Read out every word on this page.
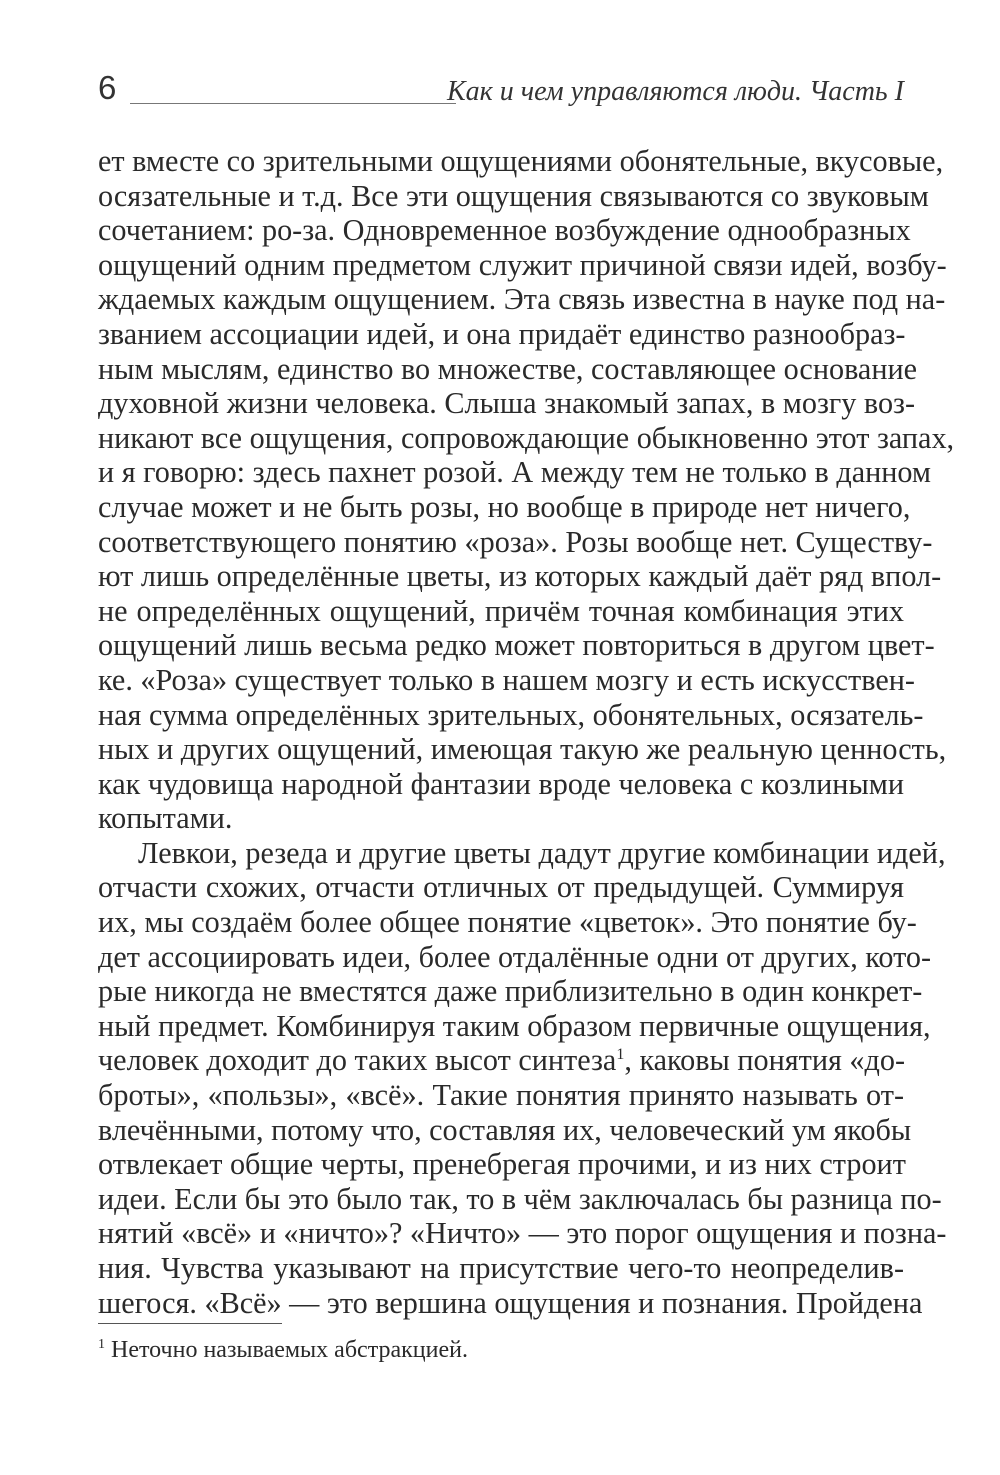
6	Как и чем управляются люди. Часть I
ет вместе со зрительными ощущениями обонятельные, вкусовые,
осязательные и т.д. Все эти ощущения связываются со звуковым
сочетанием: ро-за. Одновременное возбуждение однообразных
ощущений одним предметом служит причиной связи идей, возбу-
ждаемых каждым ощущением. Эта связь известна в науке под на-
званием ассоциации идей, и она придаёт единство разнообраз-
ным мыслям, единство во множестве, составляющее основание
духовной жизни человека. Слыша знакомый запах, в мозгу воз-
никают все ощущения, сопровождающие обыкновенно этот запах,
и я говорю: здесь пахнет розой. А между тем не только в данном
случае может и не быть розы, но вообще в природе нет ничего,
соответствующего понятию «роза». Розы вообще нет. Существу-
ют лишь определённые цветы, из которых каждый даёт ряд впол-
не определённых ощущений, причём точная комбинация этих
ощущений лишь весьма редко может повториться в другом цвет-
ке. «Роза» существует только в нашем мозгу и есть искусствен-
ная сумма определённых зрительных, обонятельных, осязатель-
ных и других ощущений, имеющая такую же реальную ценность,
как чудовища народной фантазии вроде человека с козлиными
копытами.
Левкои, резеда и другие цветы дадут другие комбинации идей,
отчасти схожих, отчасти отличных от предыдущей. Суммируя
их, мы создаём более общее понятие «цветок». Это понятие бу-
дет ассоциировать идеи, более отдалённые одни от других, кото-
рые никогда не вместятся даже приблизительно в один конкрет-
ный предмет. Комбинируя таким образом первичные ощущения,
человек доходит до таких высот синтеза$^1$, каковы понятия «до-
броты», «пользы», «всё». Такие понятия принято называть от-
влечёнными, потому что, составляя их, человеческий ум якобы
отвлекает общие черты, пренебрегая прочими, и из них строит
идеи. Если бы это было так, то в чём заключалась бы разница по-
нятий «всё» и «ничто»? «Ничто» — это порог ощущения и позна-
ния. Чувства указывают на присутствие чего-то неопределив-
шегося. «Всё» — это вершина ощущения и познания. Пройдена
$^1$ Неточно называемых абстракцией.
